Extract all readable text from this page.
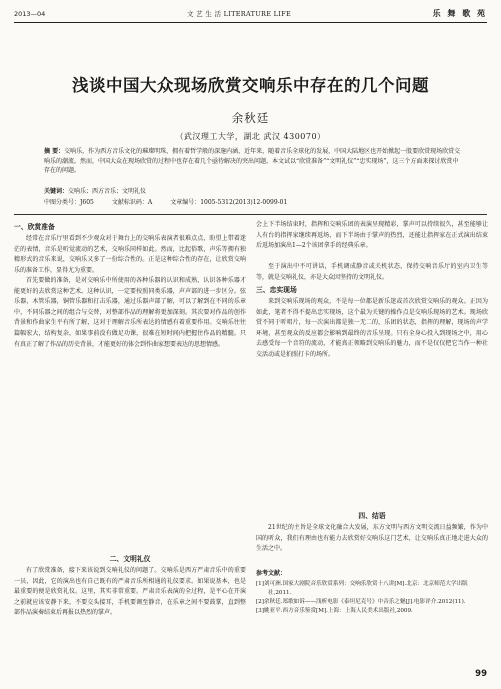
2013—04	文 艺 生 活 LITERATURE LIFE	乐 舞 歌 苑
浅谈中国大众现场欣赏交响乐中存在的几个问题
余秋廷
（武汉理工大学，湖北 武汉 430070）
摘 要：交响乐，作为西方音乐文化的璀璨明珠，拥有着哲学般的深邃内涵，近年来，随着音乐全球化的发展，中国大陆地区也开始掀起一股要欣赏现场欣赏交响乐的潮流。然而，中国大众在现场欣赏的过程中也存在着几个亟待解决的突出问题。本文试以“欣赏准备”“文明礼仪”“忠实现场”，这三个方面来探讨欣赏中存在的问题。
关键词：交响乐；西方音乐；文明礼仪
中图分类号：J605	文献标识码：A	文章编号：1005-5312(2013)12-0099-01
一、欣赏准备

经常在音乐厅里看到不少观众对于舞台上的交响乐表演者很难点点，盼望上带着迷茫的表情，音乐是听觉流动的艺术，交响乐同样如此。然而，比起俗歌，声乐等拥有独精形式的音乐来说，交响乐又多了一份综合性的。正是这种综合性的存在，让欣赏交响乐的准备工作，显得尤为重要。

首先要做的准备，是对交响乐中所使用的各种乐器的认识和成熟，认识各种乐器才能更好的去欣赏这种艺术。这种认识，一定要按照同类乐器，声声部的进一步区分。弦乐器，木管乐器，铜管乐器和打击乐器，通过乐器声部了解，可以了解到在不同的乐章中，不同乐器之间的组合与交替，对整部作品的理解将更加深刻。其次要对作品的创作背景和作曲家生平有所了解，这对于理解音乐所表达的情感有着重要作用。交响乐往往篇幅宏大，结构复杂，如果事前没有做足功课，很难在短时间内把握住作品的精髓。只有真正了解了作品的历史背景，才能更好的体会到作曲家想要表达的思想情感。

二、文明礼仪

有了欣赏准备，接下来该说到交响礼仪的问题了。交响乐是西方严肃音乐中的重要一员，因此，它的演出也有自己既有的严肃音乐所相通的礼仪要求。如果说基本，也是最重要的便是欣赏礼仪。这里，其实非常重要。严肃音乐表演的全过程，是平心在开演之前就应该安静下来，不要交头接耳，手机要调至静音，在乐章之间不要鼓掌，直到整部作品演奏结束后再报以热烈的掌声。

会上下半场结束时，指挥和交响乐团的表演呈现精彩，掌声可以持续很久，甚至能够让人有台的指挥家继续再返场，而下半场由于掌声的热烈，还能让指挥家在正式演出结束后返场加演出1—2个该团拿手的经典乐章。

至于演出中不可讲话，手机调成静音或关机状态，保持交响音乐厅的室内卫生等等，就是交响礼仪，亦是大众因坚持的文明礼仪。

三、忠实现场

来到交响乐现场的观众，不是每一位都是新乐迷或首次欣赏交响乐的观众。正因为如此，笔者不得不提出忠实现场，这个最为关键的操作点是交响乐现场的艺术。现场欣赏不同于听唱片，每一次演出都是独一无二的，乐团的状态，指挥的理解，现场的声学环境，甚至观众的反应都会影响到最终的音乐呈现。只有全身心投入到现场之中，用心去感受每一个音符的流动，才能真正领略到交响乐的魅力，而不是仅仅把它当作一种社交活动或是拍照打卡的场所。

四、结语

21世纪的主旨是全球文化融合大发展，东方文明与西方文明交流日益频繁，作为中国的听众，我们有理由也有能力去欣赏好交响乐这门艺术，让交响乐真正地走进大众的生活之中。

参考文献：
[1]刘可洲.国家大剧院音乐欣赏系列：交响乐欣赏十八讲[M].北京：北京师范大学出版社,2011.
[2]余秋廷.郑歌如诉——浅析电影《泰坦尼克号》中音乐之魅[J].电影评介.2012(11).
[3]姚亚平.西方音乐鉴赏[M].上海：上海人民美术出版社,2009.
99
